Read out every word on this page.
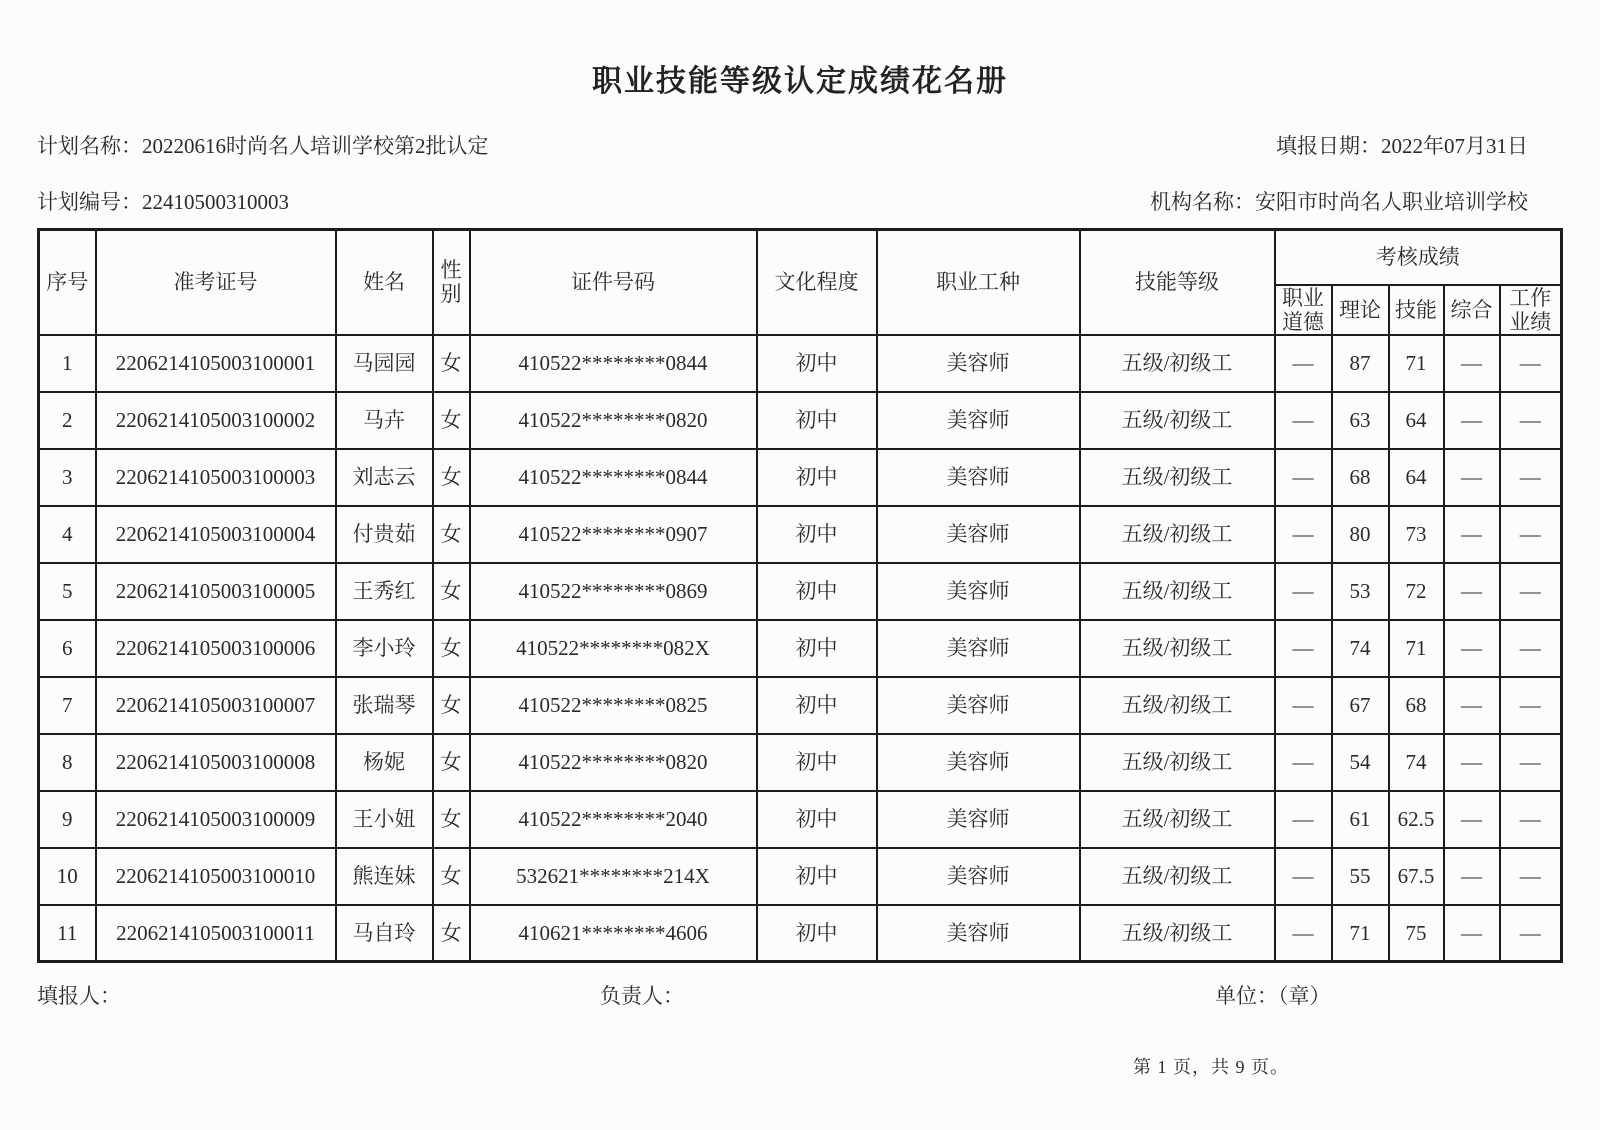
职业技能等级认定成绩花名册
计划名称：20220616时尚名人培训学校第2批认定	填报日期：2022年07月31日
计划编号：22410500310003	机构名称：安阳市时尚名人职业培训学校
序号	准考证号	姓名	性别	证件号码	文化程度	职业工种	技能等级	考核成绩				
								职业道德	理论	技能	综合	工作业绩
1	2206214105003100001	马园园	女	410522********0844	初中	美容师	五级/初级工	—	87	71	—	—
2	2206214105003100002	马卉	女	410522********0820	初中	美容师	五级/初级工	—	63	64	—	—
3	2206214105003100003	刘志云	女	410522********0844	初中	美容师	五级/初级工	—	68	64	—	—
4	2206214105003100004	付贵茹	女	410522********0907	初中	美容师	五级/初级工	—	80	73	—	—
5	2206214105003100005	王秀红	女	410522********0869	初中	美容师	五级/初级工	—	53	72	—	—
6	2206214105003100006	李小玲	女	410522********082X	初中	美容师	五级/初级工	—	74	71	—	—
7	2206214105003100007	张瑞琴	女	410522********0825	初中	美容师	五级/初级工	—	67	68	—	—
8	2206214105003100008	杨妮	女	410522********0820	初中	美容师	五级/初级工	—	54	74	—	—
9	2206214105003100009	王小妞	女	410522********2040	初中	美容师	五级/初级工	—	61	62.5	—	—
10	2206214105003100010	熊连妹	女	532621********214X	初中	美容师	五级/初级工	—	55	67.5	—	—
11	2206214105003100011	马自玲	女	410621********4606	初中	美容师	五级/初级工	—	71	75	—	—
填报人：	负责人：	单位：（章）
第 1 页，共 9 页。
